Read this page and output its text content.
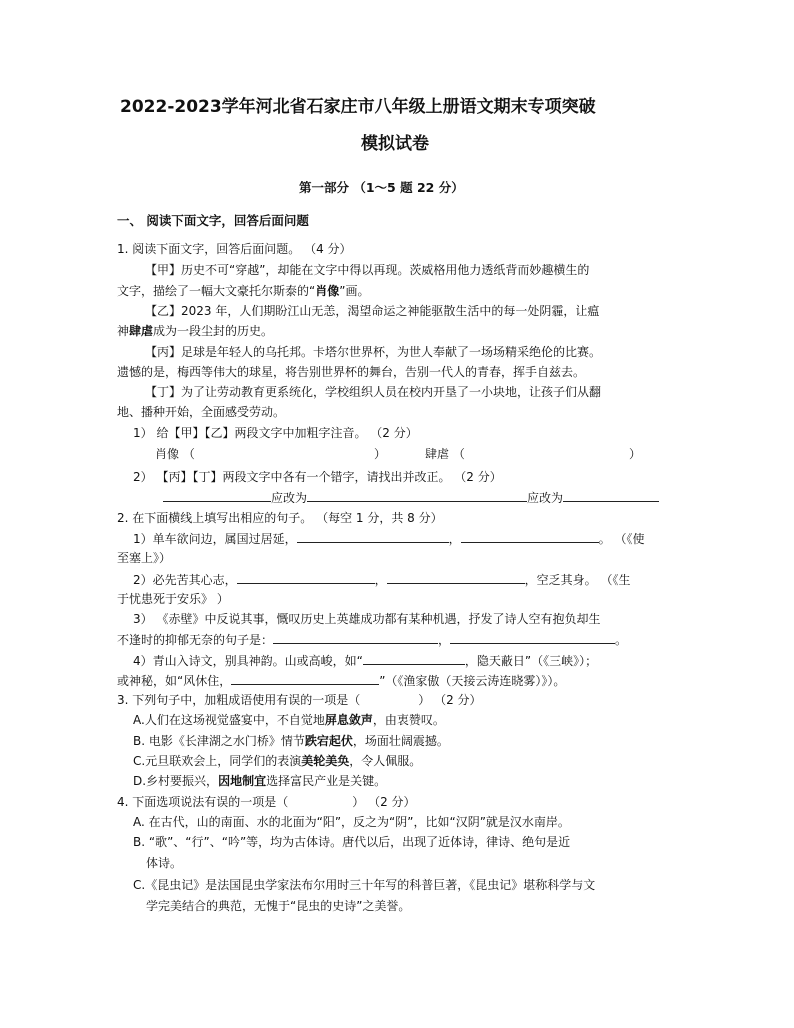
2022-2023学年河北省石家庄市八年级上册语文期末专项突破
模拟试卷
第一部分 （1～5 题 22 分）
一、 阅读下面文字，回答后面问题
1. 阅读下面文字，回答后面问题。 （4 分）
【甲】历史不可“穿越”，却能在文字中得以再现。茨威格用他力透纸背而妙趣横生的
文字，描绘了一幅大文豪托尔斯泰的“肖像”画。
【乙】2023 年，人们期盼江山无恙，渴望命运之神能驱散生活中的每一处阴霾，让瘟
神肆虐成为一段尘封的历史。
【丙】足球是年轻人的乌托邦。卡塔尔世界杯，为世人奉献了一场场精采绝伦的比赛。
遗憾的是，梅西等伟大的球星，将告别世界杯的舞台，告别一代人的青春，挥手自兹去。
【丁】为了让劳动教育更系统化，学校组织人员在校内开垦了一小块地，让孩子们从翻
地、播种开始，全面感受劳动。
1） 给【甲】【乙】两段文字中加粗字注音。 （2 分）
肖像 （	）	肆虐 （	）
2） 【丙】【丁】两段文字中各有一个错字，请找出并改正。 （2 分）
应改为	应改为
2. 在下面横线上填写出相应的句子。 （每空 1 分，共 8 分）
1）单车欲问边，属国过居延，	，	。 （《使
至塞上》）
2）必先苦其心志，	，	，空乏其身。 （《生
于忧患死于安乐》 ）
3） 《赤壁》中反说其事，慨叹历史上英雄成功都有某种机遇，抒发了诗人空有抱负却生
不逢时的抑郁无奈的句子是：	，	。
4）青山入诗文，别具神韵。山或高峻，如“	，隐天蔽日”（《三峡》）；
或神秘，如“风休住，	”（《渔家傲（天接云涛连晓雾）》）。
3. 下列句子中，加粗成语使用有误的一项是（	） （2 分）
A.人们在这场视觉盛宴中，不自觉地屏息敛声，由衷赞叹。
B. 电影《长津湖之水门桥》情节跌宕起伏，场面壮阔震撼。
C.元旦联欢会上，同学们的表演美轮美奂，令人佩服。
D.乡村要振兴，因地制宜选择富民产业是关键。
4. 下面选项说法有误的一项是（	） （2 分）
A. 在古代，山的南面、水的北面为“阳”，反之为“阴”，比如“汉阴”就是汉水南岸。
B. “歌”、“行”、“吟”等，均为古体诗。唐代以后，出现了近体诗，律诗、绝句是近
体诗。
C.《昆虫记》是法国昆虫学家法布尔用时三十年写的科普巨著，《昆虫记》堪称科学与文
学完美结合的典范，无愧于“昆虫的史诗”之美誉。
